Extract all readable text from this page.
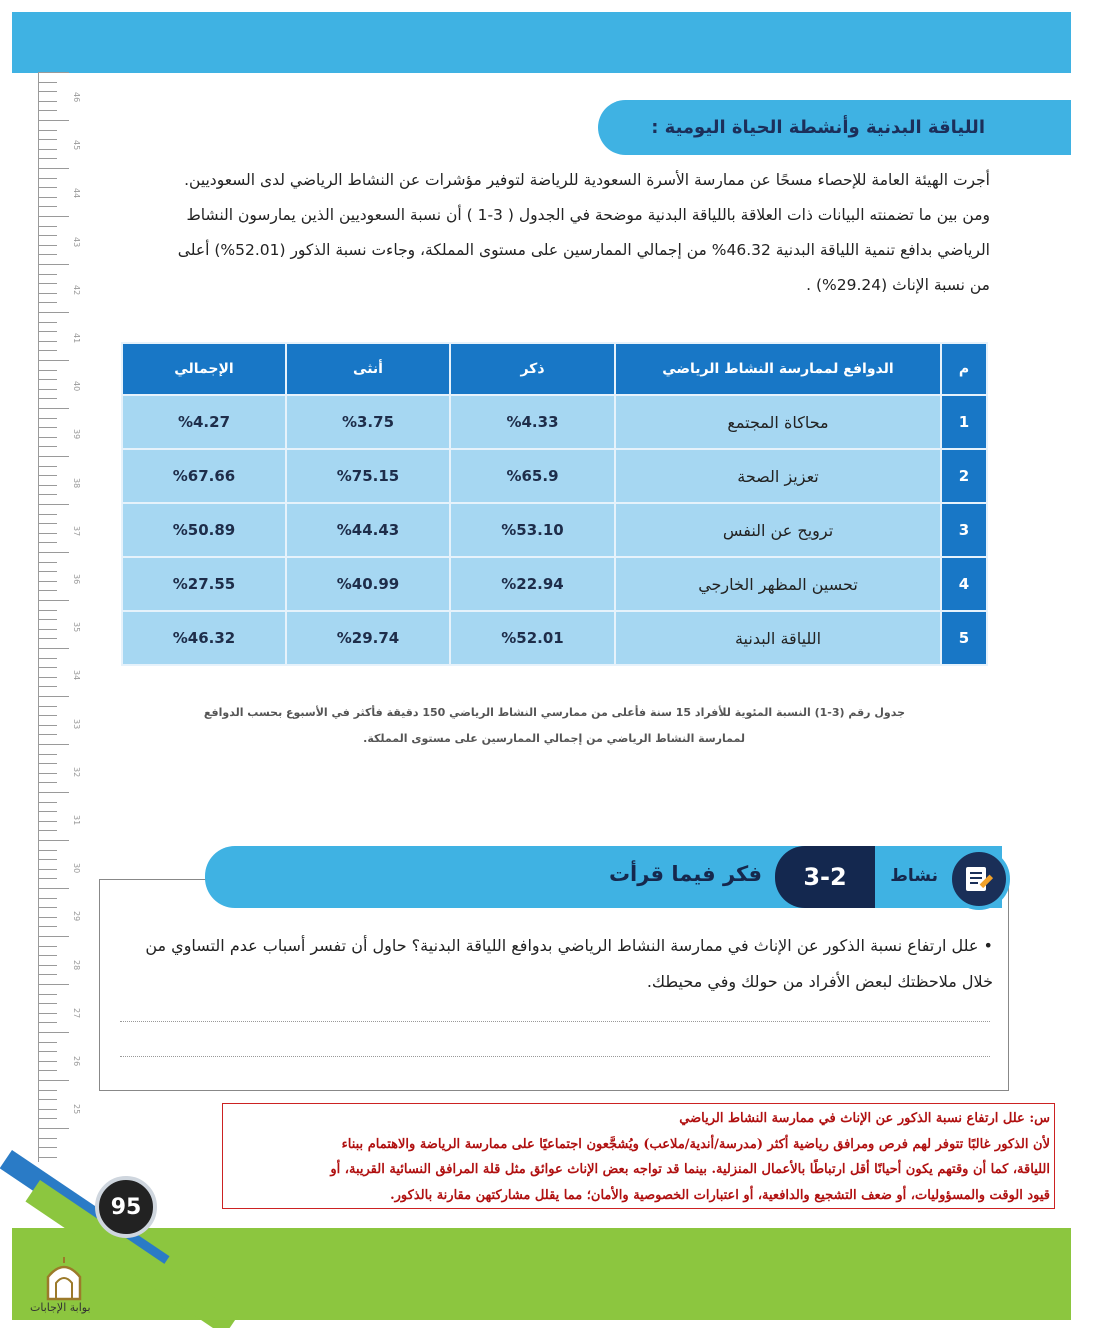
46
45
44
43
42
41
40
39
38
37
36
35
34
33
32
31
30
29
28
27
26
25
اللياقة البدنية وأنشطة الحياة اليومية :

أجرت الهيئة العامة للإحصاء مسحًا عن ممارسة الأسرة السعودية للرياضة لتوفير مؤشرات عن النشاط الرياضي لدى السعوديين.

ومن بين ما تضمنته البيانات ذات العلاقة باللياقة البدنية موضحة في الجدول ( 3-1 ) أن نسبة السعوديين الذين يمارسون النشاط

الرياضي بدافع تنمية اللياقة البدنية 46.32% من إجمالي الممارسين على مستوى المملكة، وجاءت نسبة الذكور (52.01%) أعلى

من نسبة الإناث (29.24%) .

م	الدوافع لممارسة النشاط الرياضي	ذكر	أنثى	الإجمالي
1	محاكاة المجتمع	%4.33	%3.75	%4.27
2	تعزيز الصحة	%65.9	%75.15	%67.66
3	ترويح عن النفس	%53.10	%44.43	%50.89
4	تحسين المظهر الخارجي	%22.94	%40.99	%27.55
5	اللياقة البدنية	%52.01	%29.74	%46.32

جدول رقم (3-1) النسبة المئوية للأفراد 15 سنة فأعلى من ممارسي النشاط الرياضي 150 دقيقة فأكثر في الأسبوع بحسب الدوافع

لممارسة النشاط الرياضي من إجمالي الممارسين على مستوى المملكة.

فكر فيما قرأت 3-2	نشاط

• علل ارتفاع نسبة الذكور عن الإناث في ممارسة النشاط الرياضي بدوافع اللياقة البدنية؟ حاول أن تفسر أسباب عدم التساوي من

خلال ملاحظتك لبعض الأفراد من حولك وفي محيطك.

س: علل ارتفاع نسبة الذكور عن الإناث في ممارسة النشاط الرياضي

لأن الذكور غالبًا تتوفر لهم فرص ومرافق رياضية أكثر (مدرسة/أندية/ملاعب) ويُشجَّعون اجتماعيًا على ممارسة الرياضة والاهتمام ببناء

اللياقة، كما أن وقتهم يكون أحيانًا أقل ارتباطًا بالأعمال المنزلية. بينما قد تواجه بعض الإناث عوائق مثل قلة المرافق النسائية القريبة، أو

قيود الوقت والمسؤوليات، أو ضعف التشجيع والدافعية، أو اعتبارات الخصوصية والأمان؛ مما يقلل مشاركتهن مقارنة بالذكور.

95
بوابة الإجابات
